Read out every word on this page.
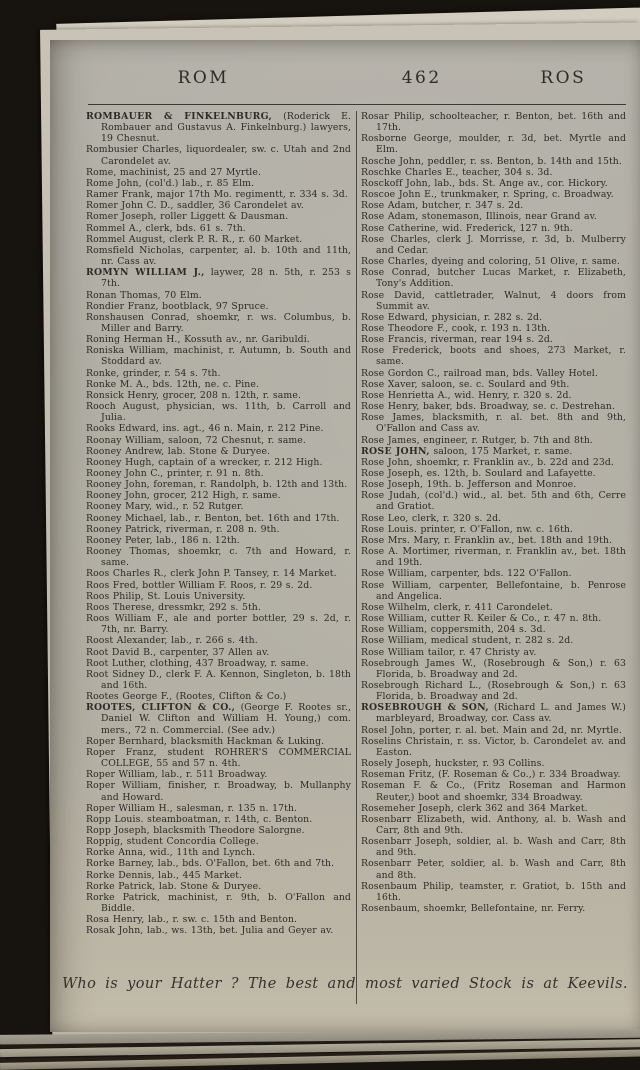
ROM	462	ROS
ROMBAUER & FINKELNBURG, (Roderick E. Rombauer and Gustavus A. Finkelnburg.) lawyers, 19 Chesnut.
Rombusier Charles, liquordealer, sw. c. Utah and 2nd Carondelet av.
Rome, machinist, 25 and 27 Myrtle.
Rome John, (col'd.) lab., r. 85 Elm.
Ramer Frank, major 17th Mo. regimentt, r. 334 s. 3d.
Romer John C. D., saddler, 36 Carondelet av.
Romer Joseph, roller Liggett & Dausman.
Rommel A., clerk, bds. 61 s. 7th.
Rommel August, clerk P. R. R., r. 60 Market.
Romsfield Nicholas, carpenter, al. b. 10th and 11th, nr. Cass av.
ROMYN WILLIAM J., laywer, 28 n. 5th, r. 253 s 7th.
Ronan Thomas, 70 Elm.
Rondier Franz, bootblack, 97 Spruce.
Ronshausen Conrad, shoemkr, r. ws. Columbus, b. Miller and Barry.
Roning Herman H., Kossuth av., nr. Garibuldi.
Roniska William, machinist, r. Autumn, b. South and Stoddard av.
Ronke, grinder, r. 54 s. 7th.
Ronke M. A., bds. 12th, ne. c. Pine.
Ronsick Henry, grocer, 208 n. 12th, r. same.
Rooch August, physician, ws. 11th, b. Carroll and Julia.
Rooks Edward, ins. agt., 46 n. Main, r. 212 Pine.
Roonay William, saloon, 72 Chesnut, r. same.
Rooney Andrew, lab. Stone & Duryee.
Rooney Hugh, captain of a wrecker, r. 212 High.
Rooney John C., printer, r. 91 n. 8th.
Rooney John, foreman, r. Randolph, b. 12th and 13th.
Rooney John, grocer, 212 High, r. same.
Rooney Mary, wid., r. 52 Rutger.
Rooney Michael, lab., r. Benton, bet. 16th and 17th.
Rooney Patrick, riverman, r. 208 n. 9th.
Rooney Peter, lab., 186 n. 12th.
Rooney Thomas, shoemkr, c. 7th and Howard, r. same.
Roos Charles R., clerk John P. Tansey, r. 14 Market.
Roos Fred, bottler William F. Roos, r. 29 s. 2d.
Roos Philip, St. Louis University.
Roos Therese, dressmkr, 292 s. 5th.
Roos William F., ale and porter bottler, 29 s. 2d, r. 7th, nr. Barry.
Roost Alexander, lab., r. 266 s. 4th.
Root David B., carpenter, 37 Allen av.
Root Luther, clothing, 437 Broadway, r. same.
Root Sidney D., clerk F. A. Kennon, Singleton, b. 18th and 16th.
Rootes George F., (Rootes, Clifton & Co.)
ROOTES, CLIFTON & CO., (George F. Rootes sr., Daniel W. Clifton and William H. Young,) com. mers., 72 n. Commercial. (See adv.)
Roper Bernhard, blacksmith Hackman & Luking.
Roper Franz, student ROHRER'S COMMERCIAL COLLEGE, 55 and 57 n. 4th.
Roper William, lab., r. 511 Broadway.
Roper William, finisher, r. Broadway, b. Mullanphy and Howard.
Roper William H., salesman, r. 135 n. 17th.
Ropp Louis. steamboatman, r. 14th, c. Benton.
Ropp Joseph, blacksmith Theodore Salorgne.
Roppig, student Concordia College.
Rorke Anna, wid., 11th and Lynch.
Rorke Barney, lab., bds. O'Fallon, bet. 6th and 7th.
Rorke Dennis, lab., 445 Market.
Rorke Patrick, lab. Stone & Duryee.
Rorke Patrick, machinist, r. 9th, b. O'Fallon and Biddle.
Rosa Henry, lab., r. sw. c. 15th and Benton.
Rosak John, lab., ws. 13th, bet. Julia and Geyer av.
Rosar Philip, schoolteacher, r. Benton, bet. 16th and 17th.
Rosborne George, moulder, r. 3d, bet. Myrtle and Elm.
Rosche John, peddler, r. ss. Benton, b. 14th and 15th.
Roschke Charles E., teacher, 304 s. 3d.
Rosckoff John, lab., bds. St. Ange av., cor. Hickory.
Roscoe John E., trunkmaker, r. Spring, c. Broadway.
Rose Adam, butcher, r. 347 s. 2d.
Rose Adam, stonemason, Illinois, near Grand av.
Rose Catherine, wid. Frederick, 127 n. 9th.
Rose Charles, clerk J. Morrisse, r. 3d, b. Mulberry and Cedar.
Rose Charles, dyeing and coloring, 51 Olive, r. same.
Rose Conrad, butcher Lucas Market, r. Elizabeth, Tony's Addition.
Rose David, cattletrader, Walnut, 4 doors from Summit av.
Rose Edward, physician, r. 282 s. 2d.
Rose Theodore F., cook, r. 193 n. 13th.
Rose Francis, riverman, rear 194 s. 2d.
Rose Frederick, boots and shoes, 273 Market, r. same.
Rose Gordon C., railroad man, bds. Valley Hotel.
Rose Xaver, saloon, se. c. Soulard and 9th.
Rose Henrietta A., wid. Henry, r. 320 s. 2d.
Rose Henry, baker, bds. Broadway, se. c. Destrehan.
Rose James, blacksmith, r. al. bet. 8th and 9th, O'Fallon and Cass av.
Rose James, engineer, r. Rutger, b. 7th and 8th.
ROSE JOHN, saloon, 175 Market, r. same.
Rose John, shoemkr, r. Franklin av., b. 22d and 23d.
Rose Joseph, es. 12th, b. Soulard and Lafayette.
Rose Joseph, 19th. b. Jefferson and Monroe.
Rose Judah, (col'd.) wid., al. bet. 5th and 6th, Cerre and Gratiot.
Rose Leo, clerk, r. 320 s. 2d.
Rose Louis. printer, r. O'Fallon, nw. c. 16th.
Rose Mrs. Mary, r. Franklin av., bet. 18th and 19th.
Rose A. Mortimer, riverman, r. Franklin av., bet. 18th and 19th.
Rose William, carpenter, bds. 122 O'Fallon.
Rose William, carpenter, Bellefontaine, b. Penrose and Angelica.
Rose Wilhelm, clerk, r. 411 Carondelet.
Rose William, cutter R. Keiler & Co., r. 47 n. 8th.
Rose William, coppersmith, 204 s. 3d.
Rose William, medical student, r. 282 s. 2d.
Rose William tailor, r. 47 Christy av.
Rosebrough James W., (Rosebrough & Son,) r. 63 Florida, b. Broadway and 2d.
Rosebrough Richard L., (Rosebrough & Son,) r. 63 Florida, b. Broadway and 2d.
ROSEBROUGH & SON, (Richard L. and James W.) marbleyard, Broadway, cor. Cass av.
Rosel John, porter, r. al. bet. Main and 2d, nr. Myrtle.
Roselins Christain, r. ss. Victor, b. Carondelet av. and Easton.
Rosely Joseph, huckster, r. 93 Collins.
Roseman Fritz, (F. Roseman & Co.,) r. 334 Broadway.
Roseman F. & Co., (Fritz Roseman and Harmon Reuter,) boot and shoemkr, 334 Broadway.
Rosemeher Joseph, clerk 362 and 364 Market.
Rosenbarr Elizabeth, wid. Anthony, al. b. Wash and Carr, 8th and 9th.
Rosenbarr Joseph, soldier, al. b. Wash and Carr, 8th and 9th.
Rosenbarr Peter, soldier, al. b. Wash and Carr, 8th and 8th.
Rosenbaum Philip, teamster, r. Gratiot, b. 15th and 16th.
Rosenbaum, shoemkr, Bellefontaine, nr. Ferry.
Who is your Hatter ? The best and most varied Stock is at Keevils.
